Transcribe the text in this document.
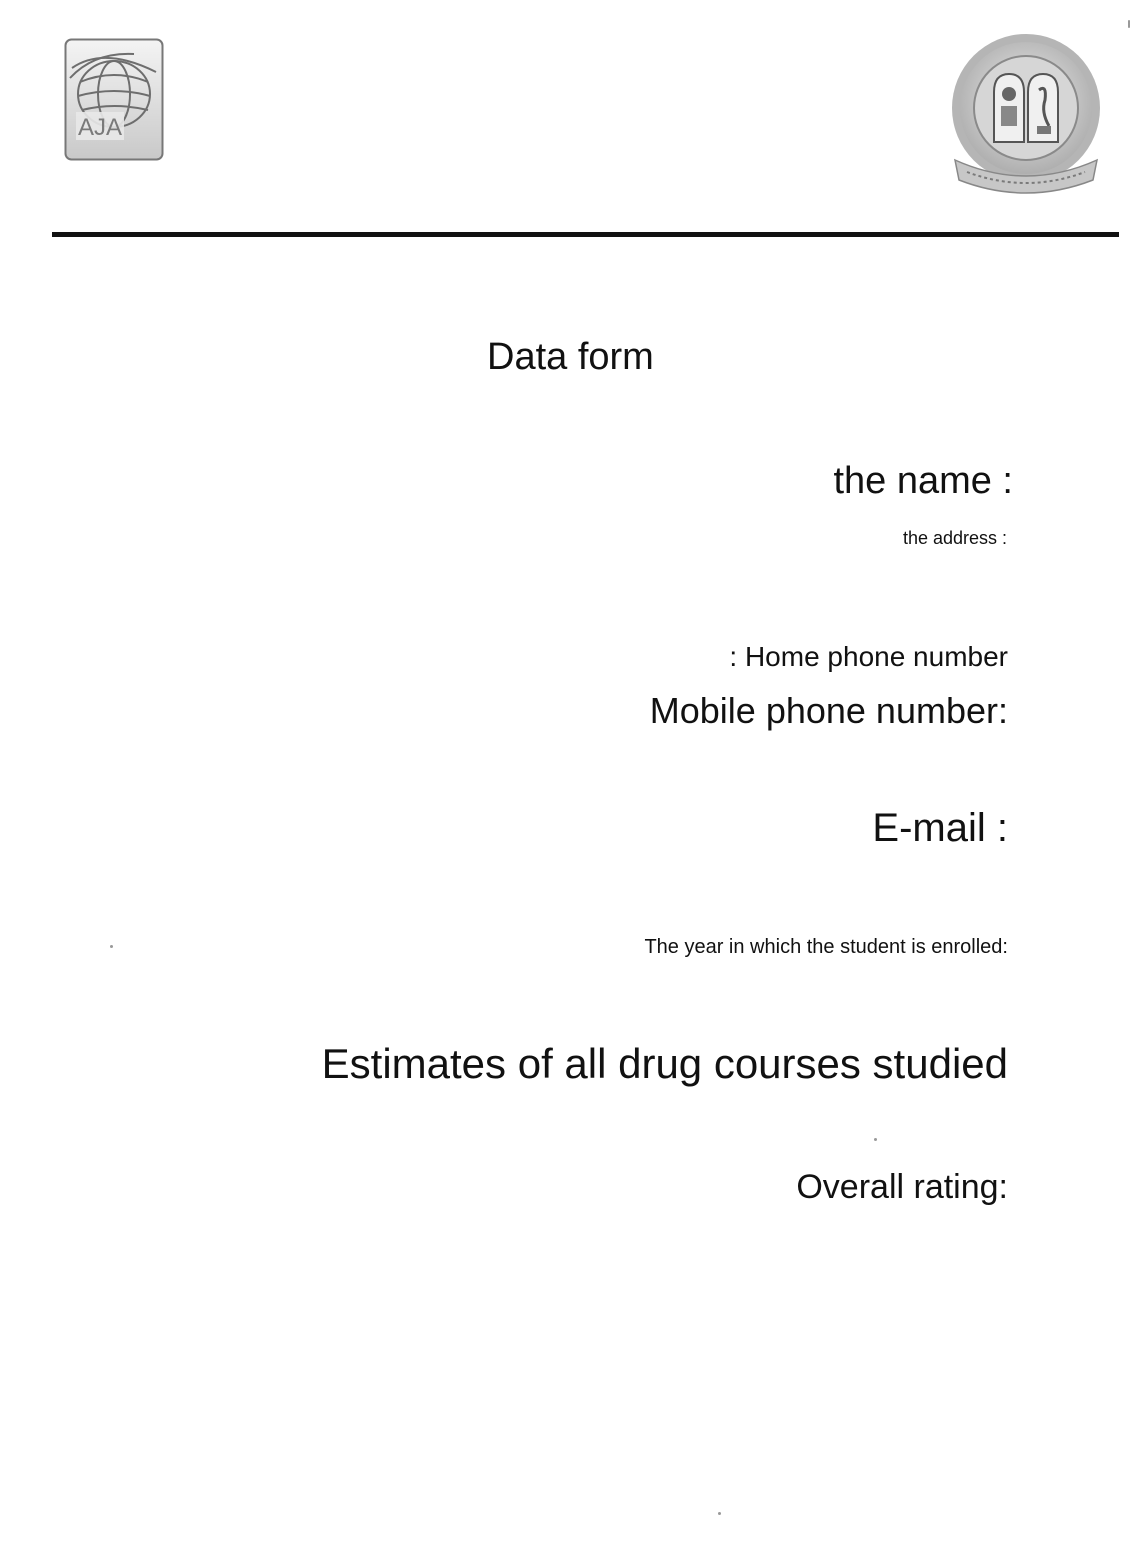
AJA
Data form
the name :
the address :
: Home phone number
Mobile phone number:
E-mail :
The year in which the student is enrolled:
Estimates of all drug courses studied
Overall rating:
